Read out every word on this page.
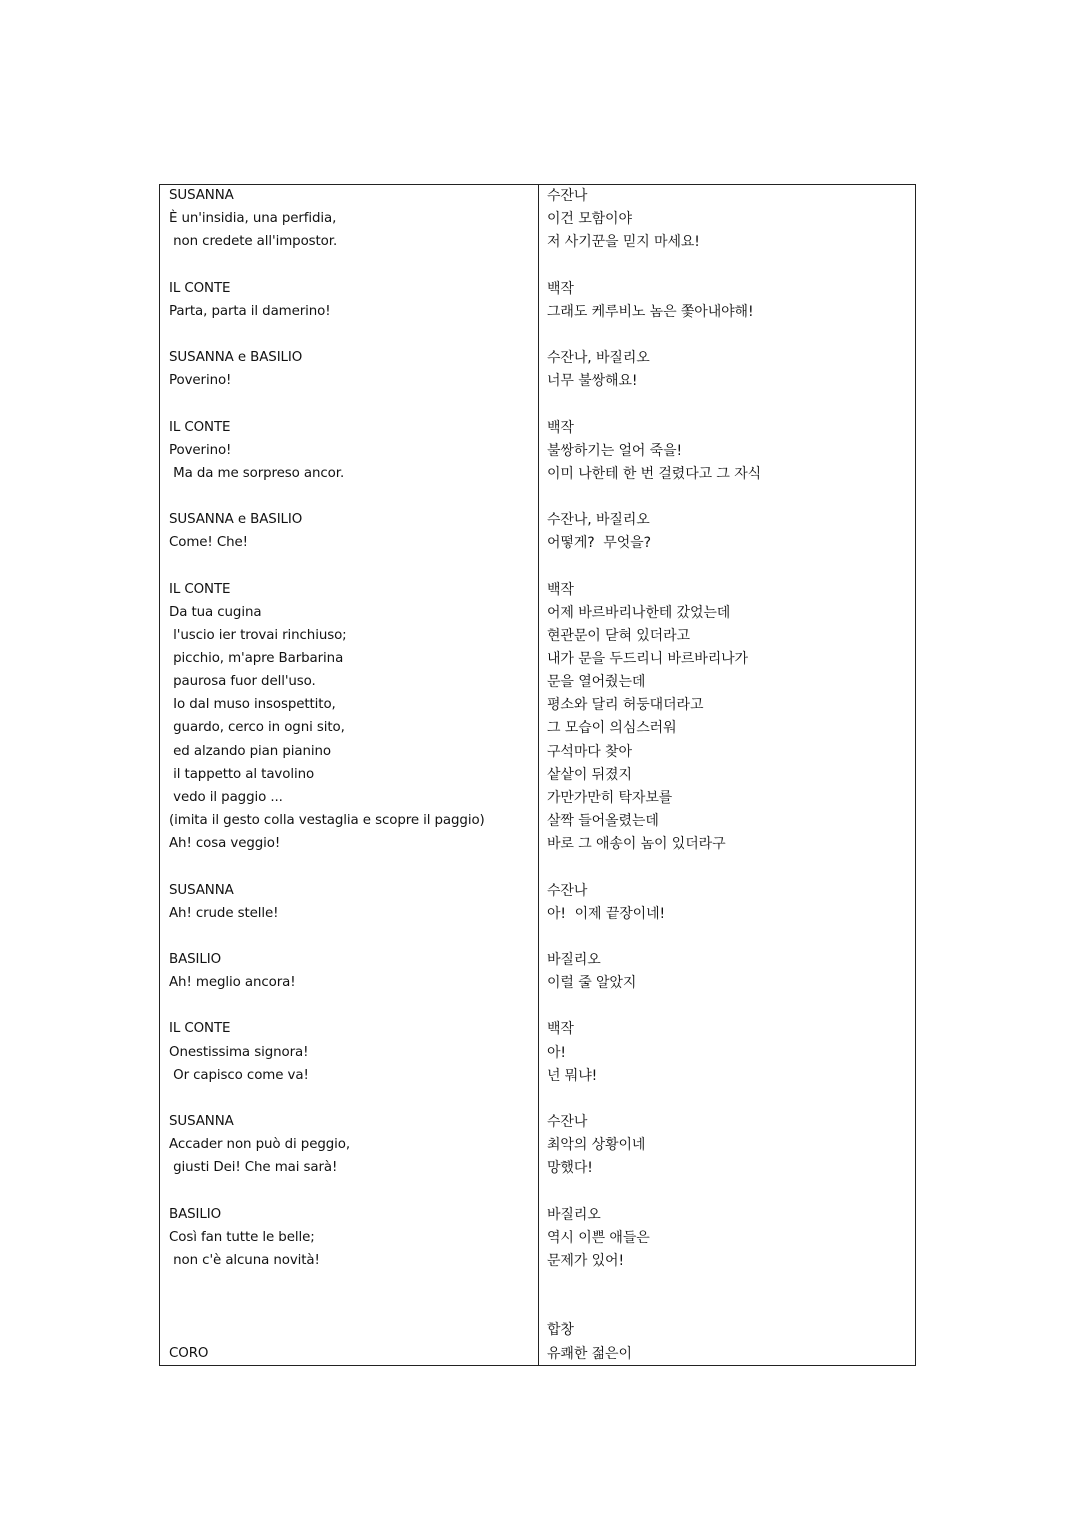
SUSANNA
È un'insidia, una perfidia,
non credete all'impostor.
IL CONTE
Parta, parta il damerino!
SUSANNA e BASILIO
Poverino!
IL CONTE
Poverino!
Ma da me sorpreso ancor.
SUSANNA e BASILIO
Come! Che!
IL CONTE
Da tua cugina
l'uscio ier trovai rinchiuso;
picchio, m'apre Barbarina
paurosa fuor dell'uso.
Io dal muso insospettito,
guardo, cerco in ogni sito,
ed alzando pian pianino
il tappetto al tavolino
vedo il paggio ...
(imita il gesto colla vestaglia e scopre il paggio)
Ah! cosa veggio!
SUSANNA
Ah! crude stelle!
BASILIO
Ah! meglio ancora!
IL CONTE
Onestissima signora!
Or capisco come va!
SUSANNA
Accader non può di peggio,
giusti Dei! Che mai sarà!
BASILIO
Così fan tutte le belle;
non c'è alcuna novità!
CORO
수잔나
이건 모함이야
저 사기꾼을 믿지 마세요!
백작
그래도 케루비노 놈은 쫓아내야해!
수잔나, 바질리오
너무 불쌍해요!
백작
불쌍하기는 얼어 죽을!
이미 나한테 한 번 걸렸다고 그 자식
수잔나, 바질리오
어떻게?  무엇을?
백작
어제 바르바리나한테 갔었는데
현관문이 닫혀 있더라고
내가 문을 두드리니 바르바리나가
문을 열어줬는데
평소와 달리 허둥대더라고
그 모습이 의심스러워
구석마다 찾아
샅샅이 뒤졌지
가만가만히 탁자보를
살짝 들어올렸는데
바로 그 애송이 놈이 있더라구
수잔나
아!  이제 끝장이네!
바질리오
이럴 줄 알았지
백작
아!
넌 뭐냐!
수잔나
최악의 상황이네
망했다!
바질리오
역시 이쁜 애들은
문제가 있어!
합창
유쾌한 젊은이
